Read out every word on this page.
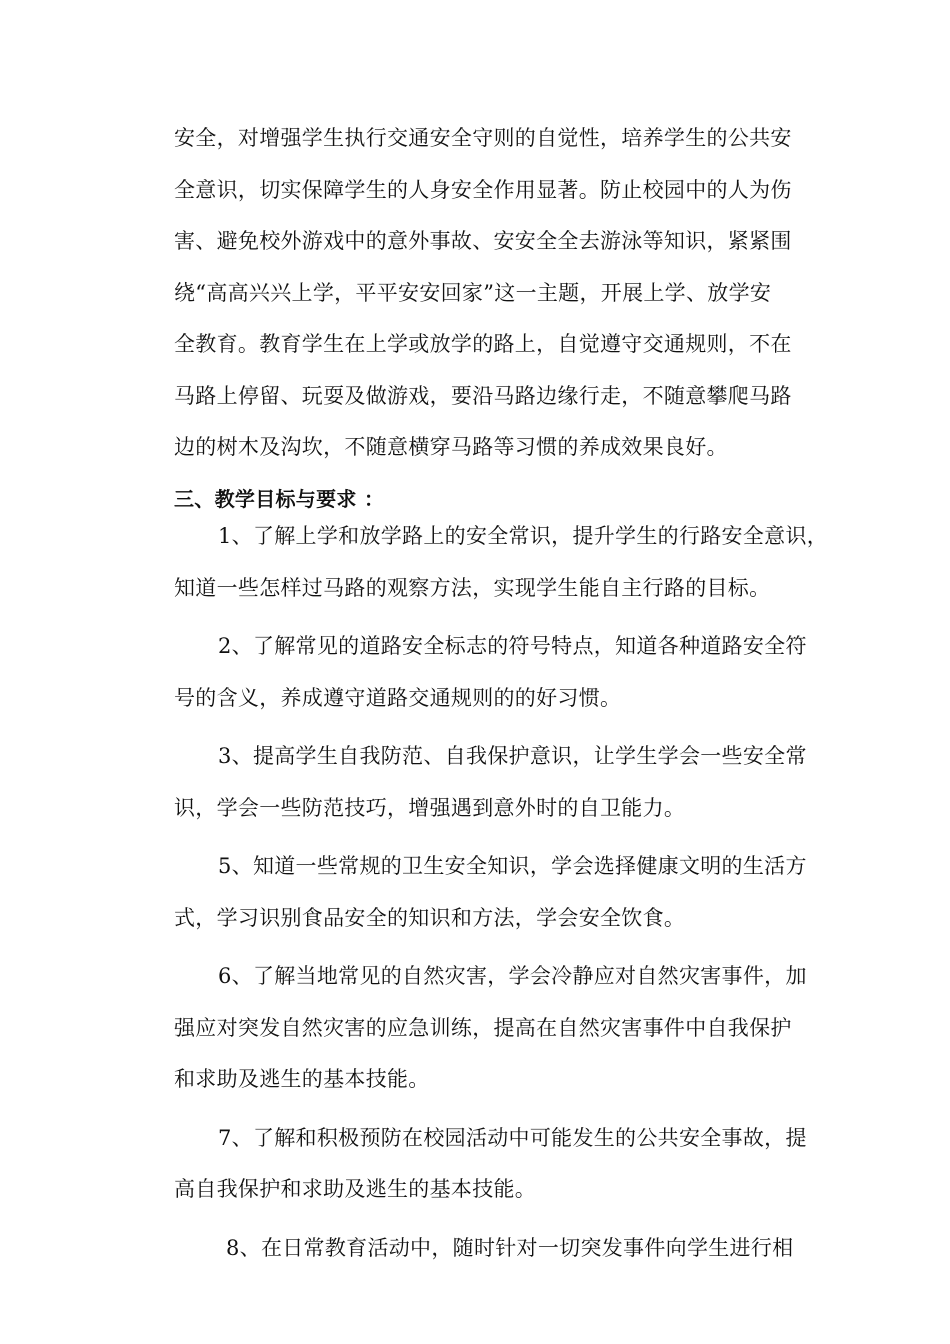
安全，对增强学生执行交通安全守则的自觉性，培养学生的公共安
全意识，切实保障学生的人身安全作用显著。防止校园中的人为伤
害、避免校外游戏中的意外事故、安安全全去游泳等知识，紧紧围
绕“高高兴兴上学，平平安安回家”这一主题，开展上学、放学安
全教育。教育学生在上学或放学的路上，自觉遵守交通规则，不在
马路上停留、玩耍及做游戏，要沿马路边缘行走，不随意攀爬马路
边的树木及沟坎，不随意横穿马路等习惯的养成效果良好。
三、教学目标与要求 ：
1、了解上学和放学路上的安全常识，提升学生的行路安全意识，
知道一些怎样过马路的观察方法，实现学生能自主行路的目标。
2、了解常见的道路安全标志的符号特点，知道各种道路安全符
号的含义，养成遵守道路交通规则的的好习惯。
3、提高学生自我防范、自我保护意识，让学生学会一些安全常
识，学会一些防范技巧，增强遇到意外时的自卫能力。
5、知道一些常规的卫生安全知识，学会选择健康文明的生活方
式，学习识别食品安全的知识和方法，学会安全饮食。
6、了解当地常见的自然灾害，学会冷静应对自然灾害事件，加
强应对突发自然灾害的应急训练，提高在自然灾害事件中自我保护
和求助及逃生的基本技能。
7、了解和积极预防在校园活动中可能发生的公共安全事故，提
高自我保护和求助及逃生的基本技能。
8、在日常教育活动中，随时针对一切突发事件向学生进行相
